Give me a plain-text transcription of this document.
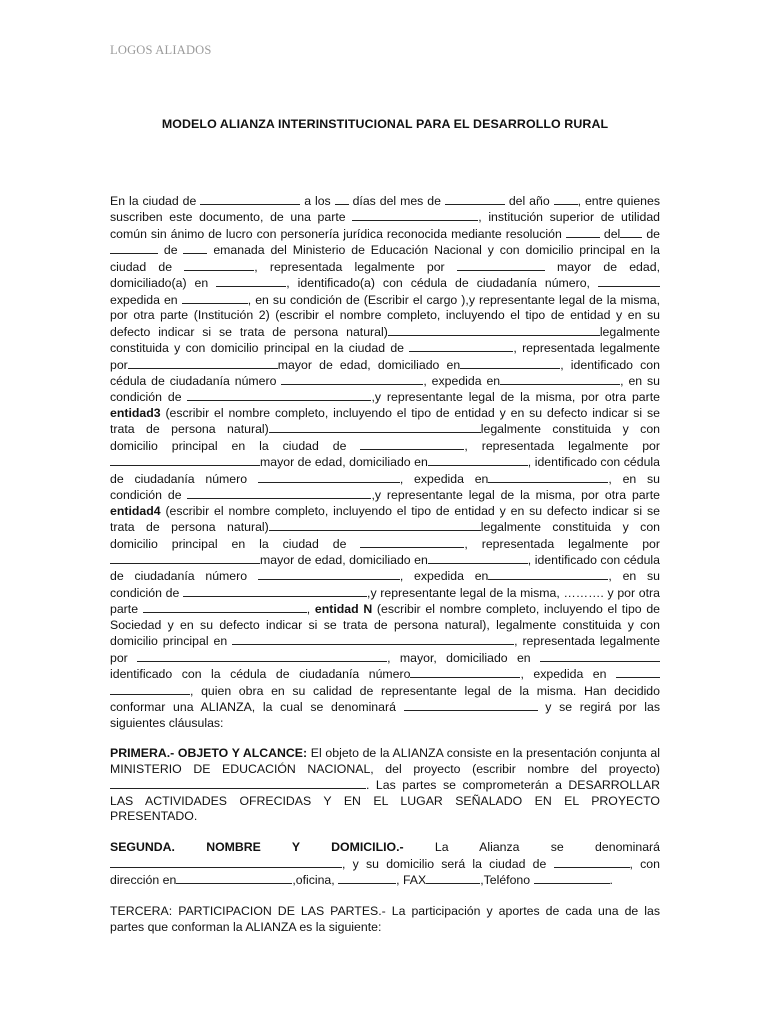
LOGOS ALIADOS
MODELO ALIANZA INTERINSTITUCIONAL PARA EL DESARROLLO RURAL

En la ciudad de	a los días del mes de	del año , entre quienes suscriben este documento, de una parte	, institución superior de utilidad común sin ánimo de lucro con personería jurídica reconocida mediante resolución	del de  de	emanada del Ministerio de Educación Nacional y con domicilio principal en la ciudad de	, representada legalmente por	mayor de edad, domiciliado(a) en	, identificado(a) con cédula de ciudadanía número,  expedida en	, en su condición de (Escribir el cargo ),y representante legal de la misma, por otra parte (Institución 2) (escribir el nombre completo, incluyendo el tipo de entidad y en su defecto indicar si se trata de persona natural)	legalmente constituida y con domicilio principal en la ciudad de	, representada legalmente por	mayor de edad, domiciliado en	, identificado con cédula de ciudadanía número	, expedida en	, en su condición de	,y representante legal de la misma, por otra parte entidad3 (escribir el nombre completo, incluyendo el tipo de entidad y en su defecto indicar si se trata de persona natural)	legalmente constituida y con domicilio principal en la ciudad de	, representada legalmente pormayor de edad, domiciliado en	, identificado con cédula de ciudadanía número	, expedida en	, en su condición de	,y representante legal de la misma, por otra parte entidad4 (escribir el nombre completo, incluyendo el tipo de entidad y en su defecto indicar si se trata de persona natural)	legalmente constituida y con domicilio principal en la ciudad de	, representada legalmente pormayor de edad, domiciliado en	, identificado con cédula de ciudadanía número	, expedida en	, en su condición de	,y representante legal de la misma, ………. y por otra parte	, entidad N (escribir el nombre completo, incluyendo el tipo de Sociedad y en su defecto indicar si se trata de persona natural), legalmente constituida y con domicilio principal en	, representada legalmente por	, mayor, domiciliado en  identificado con la cédula de ciudadanía número	, expedida en  , quien obra en su calidad de representante legal de la misma. Han decidido conformar una ALIANZA, la cual se denominará	y se regirá por las siguientes cláusulas:

PRIMERA.- OBJETO Y ALCANCE: El objeto de la ALIANZA consiste en la presentación conjunta al MINISTERIO DE EDUCACIÓN NACIONAL, del proyecto (escribir nombre del proyecto) . Las partes se comprometerán a DESARROLLAR LAS ACTIVIDADES OFRECIDAS Y EN EL LUGAR SEÑALADO EN EL PROYECTO PRESENTADO.

SEGUNDA. NOMBRE Y DOMICILIO.-	La Alianza se denominará , y su domicilio será la ciudad de	, con dirección en	,oficina,	, FAX	,Teléfono	.

TERCERA: PARTICIPACION DE LAS PARTES.- La participación y aportes de cada una de las partes que conforman la ALIANZA es la siguiente:
